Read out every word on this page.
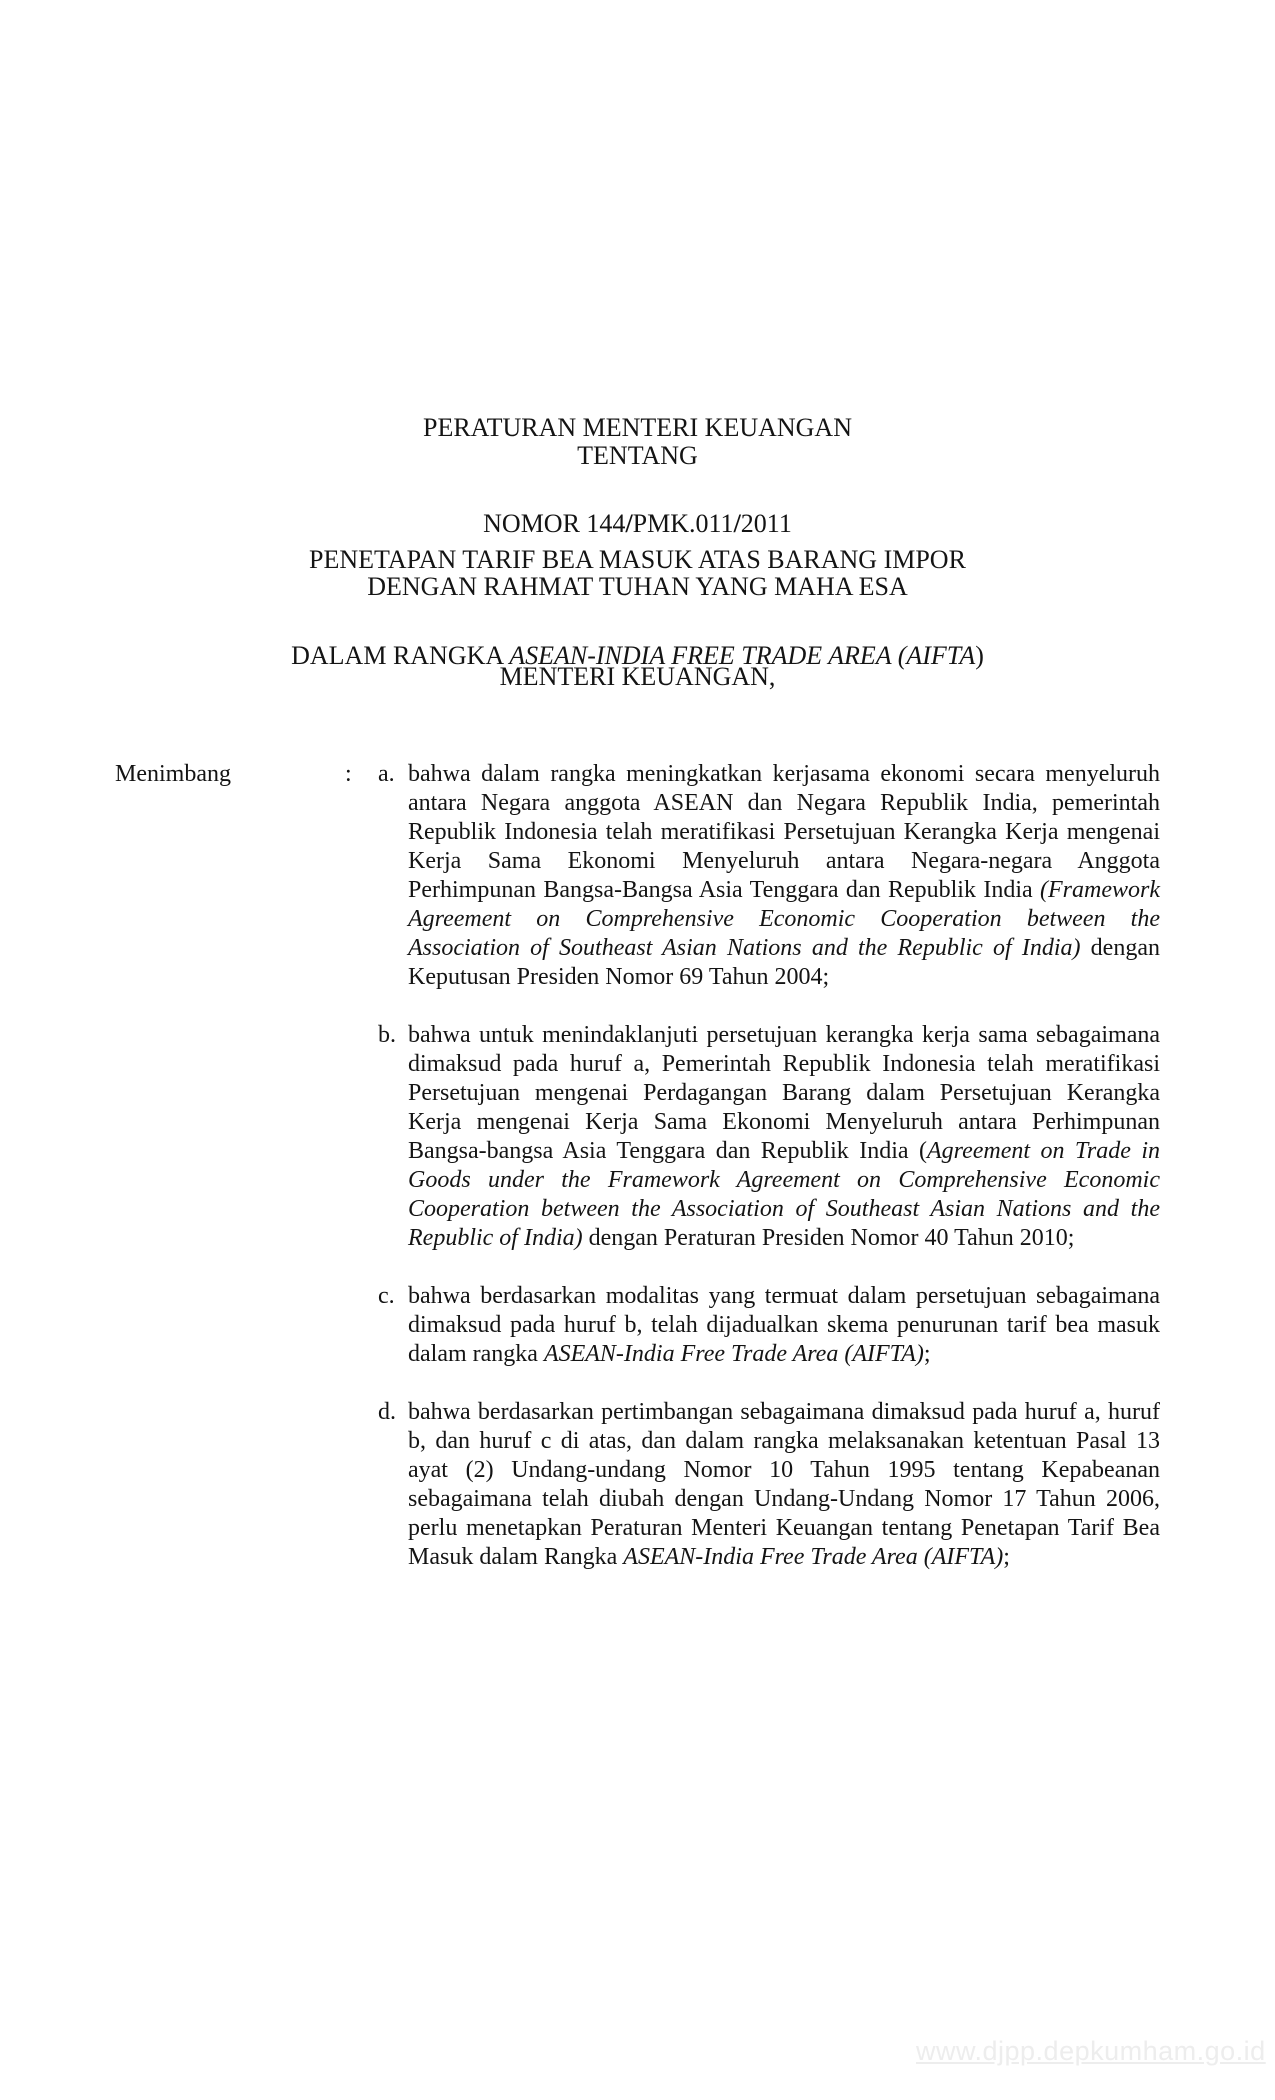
PERATURAN MENTERI KEUANGAN

NOMOR 144/PMK.011/2011

TENTANG

PENETAPAN TARIF BEA MASUK ATAS BARANG IMPOR

DALAM RANGKA ASEAN-INDIA FREE TRADE AREA (AIFTA)

DENGAN RAHMAT TUHAN YANG MAHA ESA
MENTERI KEUANGAN,
Menimbang	:	a. bahwa dalam rangka meningkatkan kerjasama ekonomi secara menyeluruh antara Negara anggota ASEAN dan Negara Republik India, pemerintah Republik Indonesia telah meratifikasi Persetujuan Kerangka Kerja mengenai Kerja Sama Ekonomi Menyeluruh antara Negara-negara Anggota Perhimpunan Bangsa-Bangsa Asia Tenggara dan Republik India (Framework Agreement on Comprehensive Economic Cooperation between the Association of Southeast Asian Nations and the Republic of India) dengan Keputusan Presiden Nomor 69 Tahun 2004;
b. bahwa untuk menindaklanjuti persetujuan kerangka kerja sama sebagaimana dimaksud pada huruf a, Pemerintah Republik Indonesia telah meratifikasi Persetujuan mengenai Perdagangan Barang dalam Persetujuan Kerangka Kerja mengenai Kerja Sama Ekonomi Menyeluruh antara Perhimpunan Bangsa-bangsa Asia Tenggara dan Republik India (Agreement on Trade in Goods under the Framework Agreement on Comprehensive Economic Cooperation between the Association of Southeast Asian Nations and the Republic of India) dengan Peraturan Presiden Nomor 40 Tahun 2010;
c. bahwa berdasarkan modalitas yang termuat dalam persetujuan sebagaimana dimaksud pada huruf b, telah dijadualkan skema penurunan tarif bea masuk dalam rangka ASEAN-India Free Trade Area (AIFTA);
d. bahwa berdasarkan pertimbangan sebagaimana dimaksud pada huruf a, huruf b, dan huruf c di atas, dan dalam rangka melaksanakan ketentuan Pasal 13 ayat (2) Undang-undang Nomor 10 Tahun 1995 tentang Kepabeanan sebagaimana telah diubah dengan Undang-Undang Nomor 17 Tahun 2006, perlu menetapkan Peraturan Menteri Keuangan tentang Penetapan Tarif Bea Masuk dalam Rangka ASEAN-India Free Trade Area (AIFTA);
www.djpp.depkumham.go.id
